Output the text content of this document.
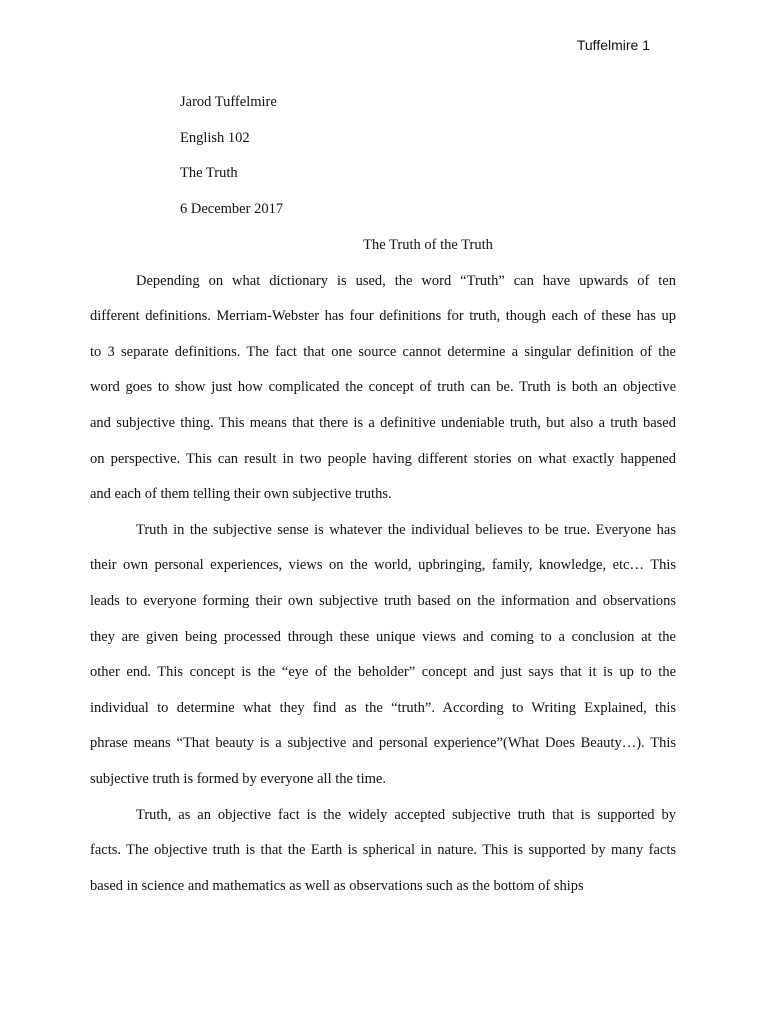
Tuffelmire 1
Jarod Tuffelmire
English 102
The Truth
6 December 2017
The Truth of the Truth
Depending on what dictionary is used, the word “Truth” can have upwards of ten
different definitions. Merriam-Webster has four definitions for truth, though each of these has up
to 3 separate definitions. The fact that one source cannot determine a singular definition of the
word goes to show just how complicated the concept of truth can be. Truth is both an objective
and subjective thing. This means that there is a definitive undeniable truth, but also a truth based
on perspective. This can result in two people having different stories on what exactly happened
and each of them telling their own subjective truths.
Truth in the subjective sense is whatever the individual believes to be true. Everyone has
their own personal experiences, views on the world, upbringing, family, knowledge, etc… This
leads to everyone forming their own subjective truth based on the information and observations
they are given being processed through these unique views and coming to a conclusion at the
other end. This concept is the “eye of the beholder” concept and just says that it is up to the
individual to determine what they find as the “truth”. According to Writing Explained, this
phrase means “That beauty is a subjective and personal experience”(What Does Beauty…). This
subjective truth is formed by everyone all the time.
Truth, as an objective fact is the widely accepted subjective truth that is supported by
facts. The objective truth is that the Earth is spherical in nature. This is supported by many facts
based in science and mathematics as well as observations such as the bottom of ships
